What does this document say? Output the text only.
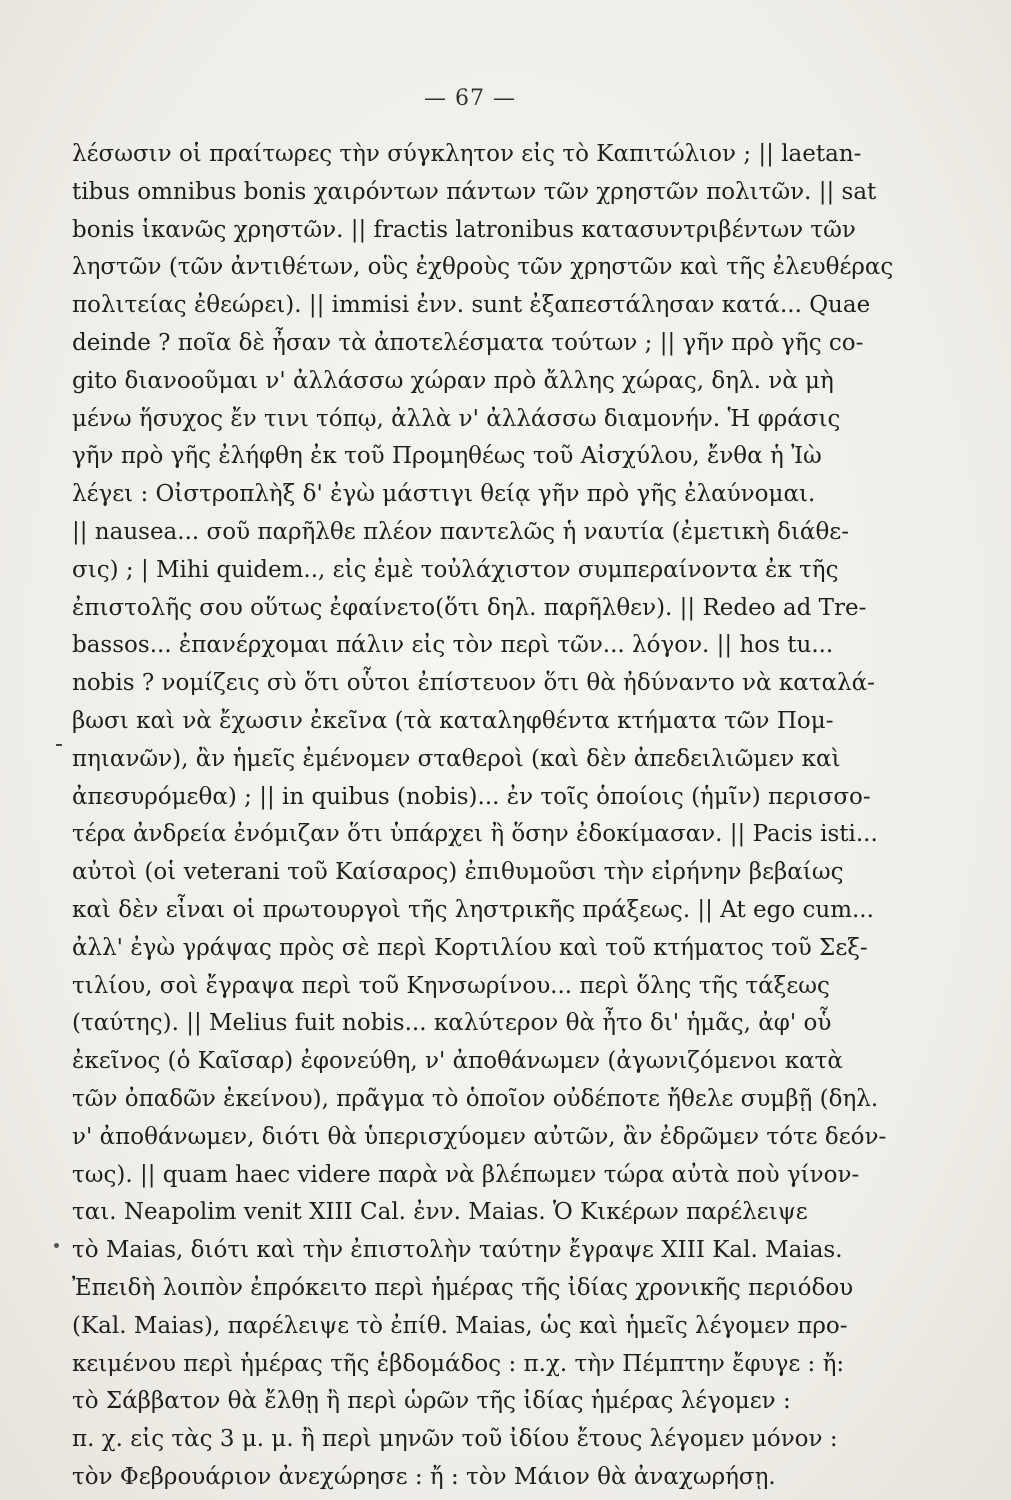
— 67 —
λέσωσιν οἱ πραίτωρες τὴν σύγκλητον εἰς τὸ Καπιτώλιον ; || laetan-
tibus omnibus bonis χαιρόντων πάντων τῶν χρηστῶν πολιτῶν. || sat
bonis ἱκανῶς χρηστῶν. || fractis latronibus κατασυντριβέντων τῶν
ληστῶν (τῶν ἀντιθέτων, οὓς ἐχθροὺς τῶν χρηστῶν καὶ τῆς ἐλευθέρας
πολιτείας ἐθεώρει). || immisi ἐνν. sunt ἐξαπεστάλησαν κατά... Quae
deinde ? ποῖα δὲ ἦσαν τὰ ἀποτελέσματα τούτων ; || γῆν πρὸ γῆς co-
gito διανοοῦμαι ν' ἀλλάσσω χώραν πρὸ ἄλλης χώρας, δηλ. νὰ μὴ
μένω ἥσυχος ἔν τινι τόπῳ, ἀλλὰ ν' ἀλλάσσω διαμονήν. Ἡ φράσις
γῆν πρὸ γῆς ἐλήφθη ἐκ τοῦ Προμηθέως τοῦ Αἰσχύλου, ἔνθα ἡ Ἰὼ
λέγει : Οἰστροπλὴξ δ' ἐγὼ μάστιγι θείᾳ γῆν πρὸ γῆς ἐλαύνομαι.
|| nausea... σοῦ παρῆλθε πλέον παντελῶς ἡ ναυτία (ἐμετικὴ διάθε-
σις) ; | Mihi quidem.., εἰς ἐμὲ τοὐλάχιστον συμπεραίνοντα ἐκ τῆς
ἐπιστολῆς σου οὕτως ἐφαίνετο(ὅτι δηλ. παρῆλθεν). || Redeo ad Tre-
bassos... ἐπανέρχομαι πάλιν εἰς τὸν περὶ τῶν... λόγον. || hos tu...
nobis ? νομίζεις σὺ ὅτι οὗτοι ἐπίστευον ὅτι θὰ ἠδύναντο νὰ καταλά-
βωσι καὶ νὰ ἔχωσιν ἐκεῖνα (τὰ καταληφθέντα κτήματα τῶν Πομ-
πηιανῶν), ἂν ἡμεῖς ἐμένομεν σταθεροὶ (καὶ δὲν ἀπεδειλιῶμεν καὶ
ἀπεσυρόμεθα) ; || in quibus (nobis)... ἐν τοῖς ὁποίοις (ἡμῖν) περισσο-
τέρα ἀνδρεία ἐνόμιζαν ὅτι ὑπάρχει ἢ ὅσην ἐδοκίμασαν. || Pacis isti...
αὐτοὶ (οἱ veterani τοῦ Καίσαρος) ἐπιθυμοῦσι τὴν εἰρήνην βεβαίως
καὶ δὲν εἶναι οἱ πρωτουργοὶ τῆς ληστρικῆς πράξεως. || At ego cum...
ἀλλ' ἐγὼ γράψας πρὸς σὲ περὶ Κορτιλίου καὶ τοῦ κτήματος τοῦ Σεξ-
τιλίου, σοὶ ἔγραψα περὶ τοῦ Κηνσωρίνου... περὶ ὅλης τῆς τάξεως
(ταύτης). || Melius fuit nobis... καλύτερον θὰ ἦτο δι' ἡμᾶς, ἀφ' οὗ
ἐκεῖνος (ὁ Καῖσαρ) ἐφονεύθη, ν' ἀποθάνωμεν (ἀγωνιζόμενοι κατὰ
τῶν ὀπαδῶν ἐκείνου), πρᾶγμα τὸ ὁποῖον οὐδέποτε ἤθελε συμβῇ (δηλ.
ν' ἀποθάνωμεν, διότι θὰ ὑπερισχύομεν αὐτῶν, ἂν ἐδρῶμεν τότε δεόν-
τως). || quam haec videre παρὰ νὰ βλέπωμεν τώρα αὐτὰ ποὺ γίνον-
ται. Neapolim venit XIII Cal. ἐνν. Maias. Ὁ Κικέρων παρέλειψε
τὸ Maias, διότι καὶ τὴν ἐπιστολὴν ταύτην ἔγραψε XIII Kal. Maias.
Ἐπειδὴ λοιπὸν ἐπρόκειτο περὶ ἡμέρας τῆς ἰδίας χρονικῆς περιόδου
(Kal. Maias), παρέλειψε τὸ ἐπίθ. Maias, ὡς καὶ ἡμεῖς λέγομεν προ-
κειμένου περὶ ἡμέρας τῆς ἑβδομάδος : π.χ. τὴν Πέμπτην ἔφυγε : ἤ:
τὸ Σάββατον θὰ ἔλθῃ ἢ περὶ ὡρῶν τῆς ἰδίας ἡμέρας λέγομεν :
π. χ. εἰς τὰς 3 μ. μ. ἢ περὶ μηνῶν τοῦ ἰδίου ἔτους λέγομεν μόνον :
τὸν Φεβρουάριον ἀνεχώρησε : ἤ : τὸν Μάιον θὰ ἀναχωρήσῃ.
